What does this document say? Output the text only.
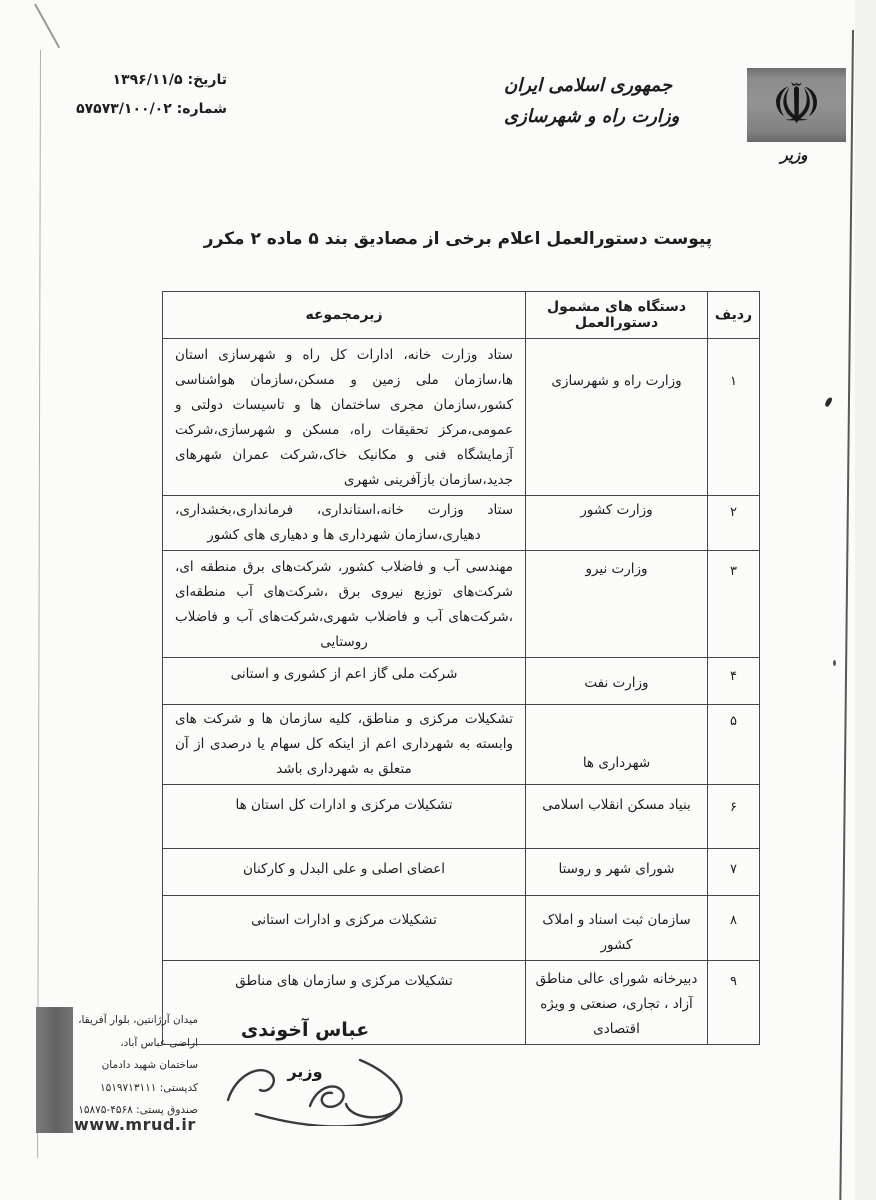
☫
جمهوری اسلامی ایران
وزارت راه و شهرسازی
وزیر
تاریخ: ۱۳۹۶/۱۱/۵
شماره: ۵۷۵۷۳/۱۰۰/۰۲
پیوست دستورالعمل اعلام برخی از مصادیق بند ۵ ماده ۲ مکرر
ردیف	دستگاه های مشمول دستورالعمل	زیرمجموعه
۱	وزارت راه و شهرسازی	ستاد وزارت خانه، ادارات کل راه و شهرسازی استان ها،سازمان ملی زمین و مسکن،سازمان هواشناسی کشور،سازمان مجری ساختمان ها و تاسیسات دولتی و عمومی،مرکز تحقیقات راه، مسکن و شهرسازی،شرکت آزمایشگاه فنی و مکانیک خاک،شرکت عمران شهرهای جدید،سازمان بازآفرینی شهری
۲	وزارت کشور	ستاد وزارت خانه،استانداری، فرمانداری،بخشداری، دهیاری،سازمان شهرداری ها و دهیاری های کشور
۳	وزارت نیرو	مهندسی آب و فاضلاب کشور، شرکت‌های برق منطقه ای، شرکت‌های توزیع نیروی برق ،شرکت‌های آب منطقه‌ای ،شرکت‌های آب و فاضلاب شهری،شرکت‌های آب و فاضلاب روستایی
۴	وزارت نفت	شرکت ملی گاز اعم از کشوری و استانی
۵	شهرداری ها	تشکیلات مرکزی و مناطق، کلیه سازمان ها و شرکت های وابسته به شهرداری اعم از اینکه کل سهام یا درصدی از آن متعلق به شهرداری باشد
۶	بنیاد مسکن انقلاب اسلامی	تشکیلات مرکزی و ادارات کل استان ها
۷	شورای شهر و روستا	اعضای اصلی و علی البدل و کارکنان
۸	سازمان ثبت اسناد و املاک کشور	تشکیلات مرکزی و ادارات استانی
۹	دبیرخانه شورای عالی مناطق آزاد ، تجاری، صنعتی و ویژه اقتصادی	تشکیلات مرکزی و سازمان های مناطق
عباس آخوندی
وزیر
میدان آرژانتین، بلوار آفریقا،
اراضی عباس آباد،
ساختمان شهید دادمان
کدپستی: ۱۵۱۹۷۱۳۱۱۱
صندوق پستی: ۱۵۸۷۵-۴۵۶۸
www.mrud.ir
